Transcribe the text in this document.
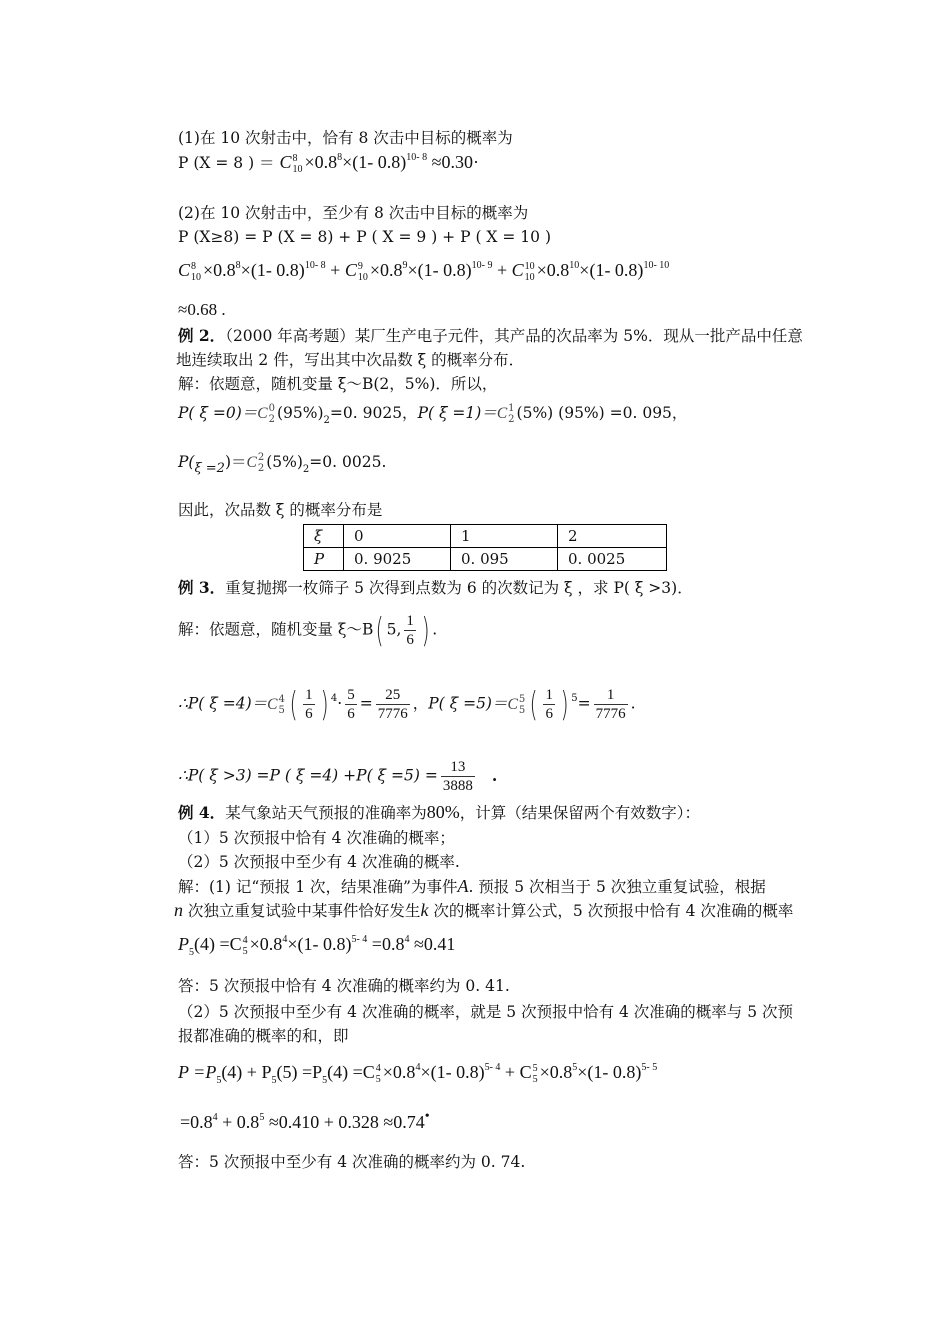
(1)在 10 次射击中，恰有 8 次击中目标的概率为
P (X = 8 ) ＝ C 8
$10 \times 0.8^8\times(1-$ 0.8)$^{10- 8}$ ≈0.30·
(2)在 10 次射击中，至少有 8 次击中目标的概率为
P (X≥8) = P (X = 8) + P ( X = 9 ) + P ( X = 10 )
C 8
$10 \times 0.8^8\times(1-$ 0.8)$^{10- 8}$ + C 9
$10 \times 0.8^9\times(1-$ 0.8)$^{10- 9}$ + C 10
$10 \times 0.8^{10}\times(1-$ 0.8)$^{10- 10}$
≈0.68 .
例 2．（2000 年高考题）某厂生产电子元件，其产品的次品率为 5%．现从一批产品中任意
地连续取出 2 件，写出其中次品数 ξ 的概率分布．
解：依题意，随机变量 ξ～B(2，5%)．所以，
P( ξ =0)＝C 0
2 $(95\%)_2=0$. 9025，P( ξ =1)＝C 1
2 (5%) (95%) =0. 095，
$P(_{\xi =2})=C$ 2
2 $(5\%)_2=0$. 0025.
因此，次品数 ξ 的概率分布是
ξ	0	1	2
P	0. 9025	0. 095	0. 0025
例 3．重复抛掷一枚筛子 5 次得到点数为 6 的次数记为 ξ ，求 P( ξ >3)．
解：依题意，随机变量 ξ～B( 5, $\frac{1}{6}$ ) .
∴P( ξ =4)＝C 4
5 ( $\frac{1}{6}$ ) $^4\cdot \frac{5}{6} = \frac{25}{7776}$ ，P( ξ =5)＝C 5
5 ( $\frac{1}{6}$ ) $^5= \frac{1}{7776}$ .
∴P( ξ >3) =P ( ξ =4) +P( $\xi =5) = \frac{13}{3888}$ .
例 4．某气象站天气预报的准确率为80%，计算（结果保留两个有效数字）：
（1）5 次预报中恰有 4 次准确的概率；
（2）5 次预报中至少有 4 次准确的概率.
解：(1) 记“预报 1 次，结果准确”为事件A. 预报 5 次相当于 5 次独立重复试验，根据
n 次独立重复试验中某事件恰好发生k 次的概率计算公式，5 次预报中恰有 4 次准确的概率
$P_5(4) =C$ 4
$5 \times 0.8^4\times(1-$ $0.8)^{5- 4} =0.8^4 \approx 0.41$
答：5 次预报中恰有 4 次准确的概率约为 0. 41.
（2）5 次预报中至少有 4 次准确的概率，就是 5 次预报中恰有 4 次准确的概率与 5 次预
报都准确的概率的和，即
$P =P_5(4) + P_5(5) =P_5(4) =C$ 4
$5 \times 0.8^4\times(1-$ 0.8)$^{5- 4}$ + C 5
$5 \times 0.8^5\times(1-$ 0.8)$^{5- 5}$
$=0.8^4 + 0.8^5 \approx 0.410 + 0.328 \approx 0.74^•$
答：5 次预报中至少有 4 次准确的概率约为 0. 74.
